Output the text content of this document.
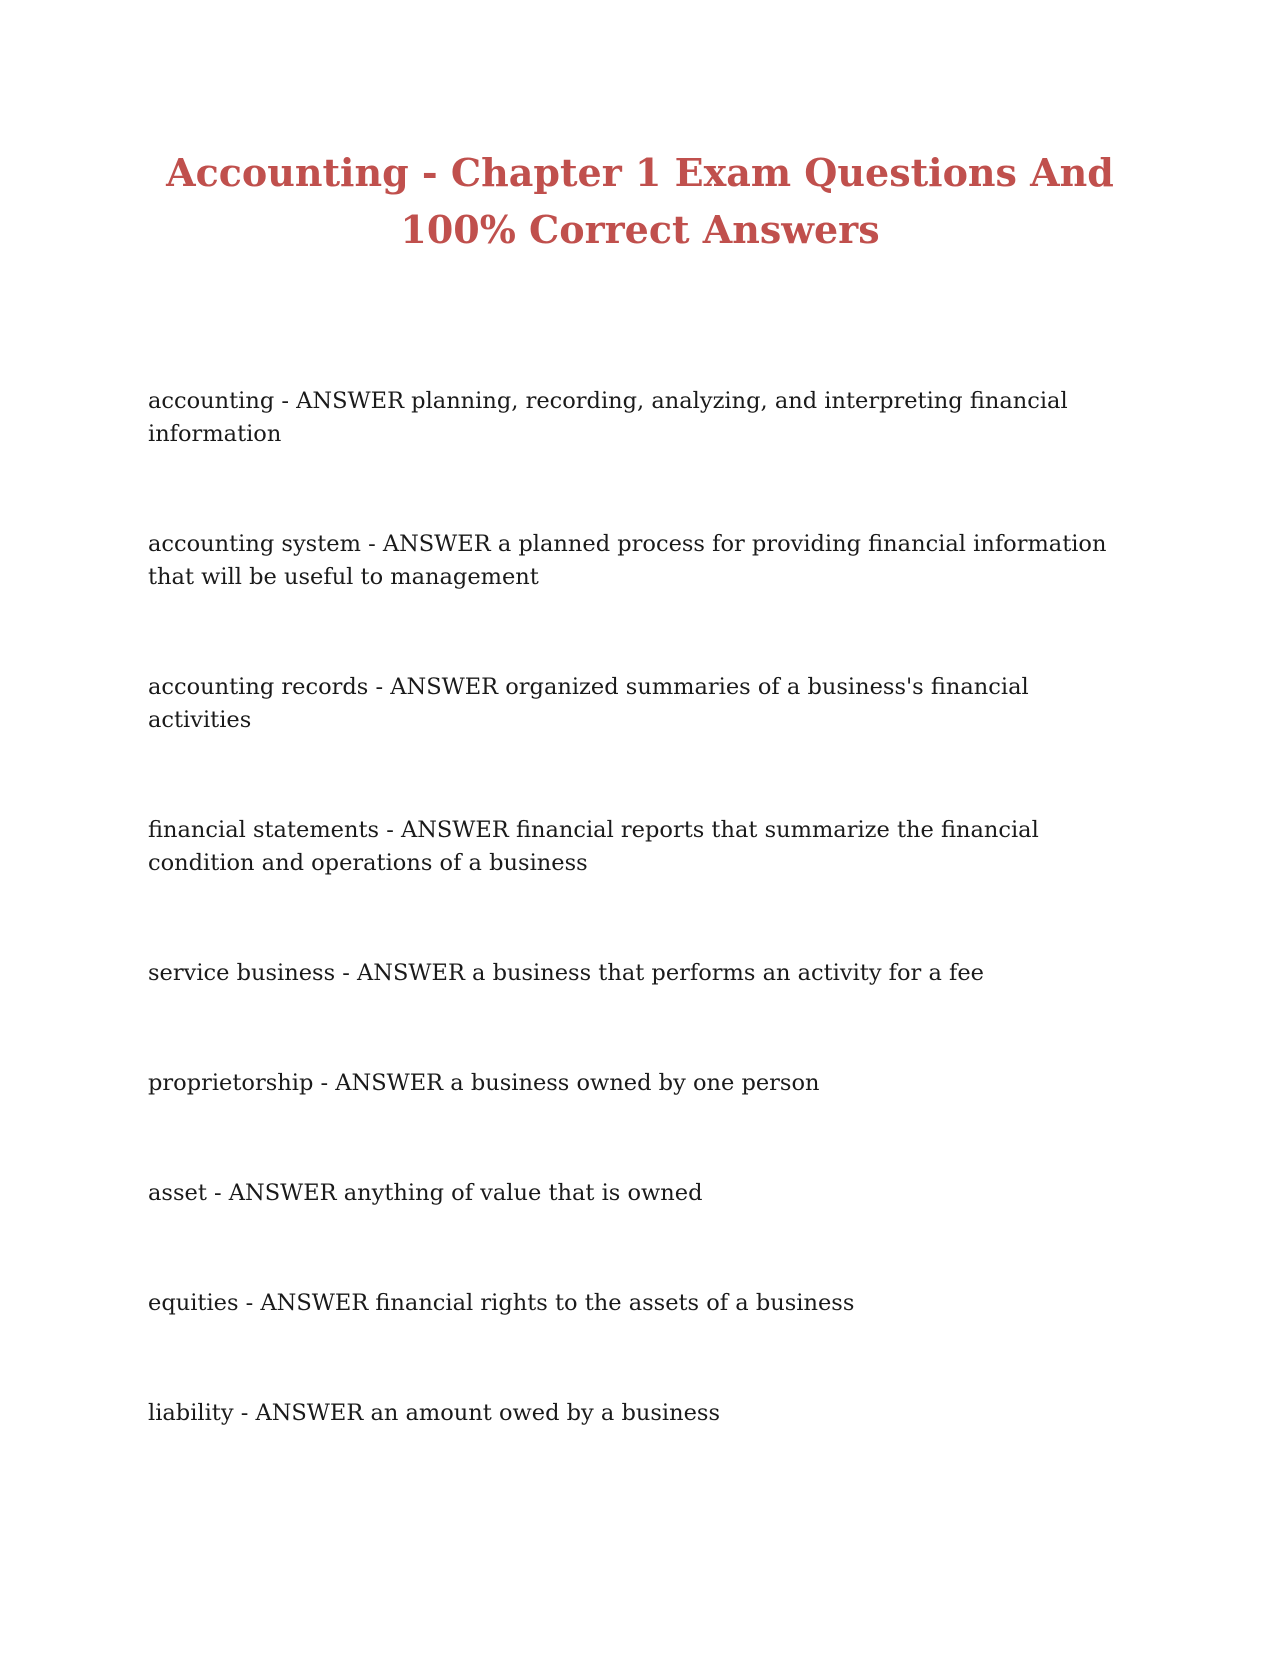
Accounting - Chapter 1 Exam Questions And 100% Correct Answers
accounting - ANSWER planning, recording, analyzing, and interpreting financial information
accounting system - ANSWER a planned process for providing financial information that will be useful to management
accounting records - ANSWER organized summaries of a business's financial activities
financial statements - ANSWER financial reports that summarize the financial condition and operations of a business
service business - ANSWER a business that performs an activity for a fee
proprietorship - ANSWER a business owned by one person
asset - ANSWER anything of value that is owned
equities - ANSWER financial rights to the assets of a business
liability - ANSWER an amount owed by a business
